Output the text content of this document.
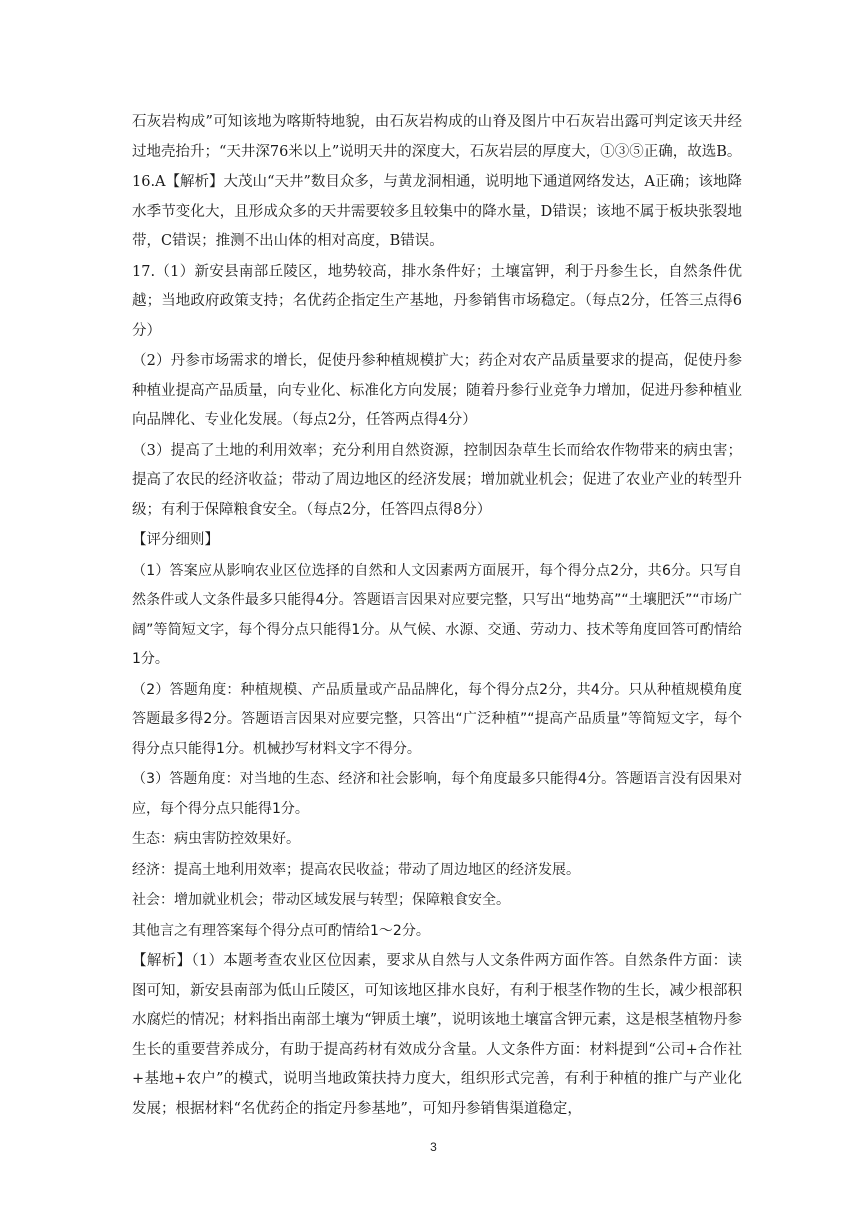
石灰岩构成”可知该地为喀斯特地貌，由石灰岩构成的山脊及图片中石灰岩出露可判定该天井经过地壳抬升；“天井深76米以上”说明天井的深度大，石灰岩层的厚度大，①③⑤正确，故选B。

16.A【解析】大茂山“天井”数目众多，与黄龙洞相通，说明地下通道网络发达，A正确；该地降水季节变化大，且形成众多的天井需要较多且较集中的降水量，D错误；该地不属于板块张裂地带，C错误；推测不出山体的相对高度，B错误。

17.（1）新安县南部丘陵区，地势较高，排水条件好；土壤富钾，利于丹参生长，自然条件优越；当地政府政策支持；名优药企指定生产基地，丹参销售市场稳定。（每点2分，任答三点得6分）

（2）丹参市场需求的增长，促使丹参种植规模扩大；药企对农产品质量要求的提高，促使丹参种植业提高产品质量，向专业化、标准化方向发展；随着丹参行业竞争力增加，促进丹参种植业向品牌化、专业化发展。（每点2分，任答两点得4分）

（3）提高了土地的利用效率；充分利用自然资源，控制因杂草生长而给农作物带来的病虫害；提高了农民的经济收益；带动了周边地区的经济发展；增加就业机会；促进了农业产业的转型升级；有利于保障粮食安全。（每点2分，任答四点得8分）

【评分细则】

（1）答案应从影响农业区位选择的自然和人文因素两方面展开，每个得分点2分，共6分。只写自然条件或人文条件最多只能得4分。答题语言因果对应要完整，只写出“地势高”“土壤肥沃”“市场广阔”等简短文字，每个得分点只能得1分。从气候、水源、交通、劳动力、技术等角度回答可酌情给1分。

（2）答题角度：种植规模、产品质量或产品品牌化，每个得分点2分，共4分。只从种植规模角度答题最多得2分。答题语言因果对应要完整，只答出“广泛种植”“提高产品质量”等简短文字，每个得分点只能得1分。机械抄写材料文字不得分。

（3）答题角度：对当地的生态、经济和社会影响，每个角度最多只能得4分。答题语言没有因果对应，每个得分点只能得1分。

生态：病虫害防控效果好。

经济：提高土地利用效率；提高农民收益；带动了周边地区的经济发展。

社会：增加就业机会；带动区域发展与转型；保障粮食安全。

其他言之有理答案每个得分点可酌情给1～2分。

【解析】（1）本题考查农业区位因素，要求从自然与人文条件两方面作答。自然条件方面：读图可知，新安县南部为低山丘陵区，可知该地区排水良好，有利于根茎作物的生长，减少根部积水腐烂的情况；材料指出南部土壤为“钾质土壤”，说明该地土壤富含钾元素，这是根茎植物丹参生长的重要营养成分，有助于提高药材有效成分含量。人文条件方面：材料提到“公司+合作社+基地+农户”的模式，说明当地政策扶持力度大，组织形式完善，有利于种植的推广与产业化发展；根据材料“名优药企的指定丹参基地”，可知丹参销售渠道稳定，

3
